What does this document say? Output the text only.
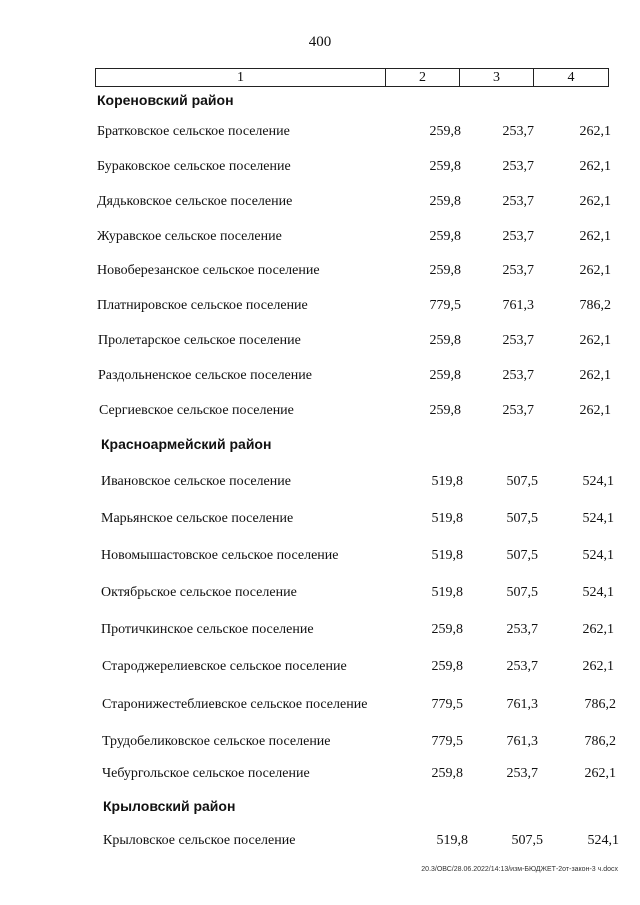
400
1	2	3	4
Кореновский район
Братковское сельское поселение	259,8	253,7	262,1
Бураковское сельское поселение	259,8	253,7	262,1
Дядьковское сельское поселение	259,8	253,7	262,1
Журавское сельское поселение	259,8	253,7	262,1
Новоберезанское сельское поселение	259,8	253,7	262,1
Платнировское сельское поселение	779,5	761,3	786,2
Пролетарское сельское поселение	259,8	253,7	262,1
Раздольненское сельское поселение	259,8	253,7	262,1
Сергиевское сельское поселение	259,8	253,7	262,1
Красноармейский район
Ивановское сельское поселение	519,8	507,5	524,1
Марьянское сельское поселение	519,8	507,5	524,1
Новомышастовское сельское поселение	519,8	507,5	524,1
Октябрьское сельское поселение	519,8	507,5	524,1
Протичкинское сельское поселение	259,8	253,7	262,1
Староджерелиевское сельское поселение	259,8	253,7	262,1
Старонижестеблиевское сельское поселение	779,5	761,3	786,2
Трудобеликовское сельское поселение	779,5	761,3	786,2
Чебургольское сельское поселение	259,8	253,7	262,1
Крыловский район
Крыловское сельское поселение	519,8	507,5	524,1
20.3/ОВС/28.06.2022/14:13/изм-БЮДЖЕТ-2от-закон-3 ч.docx
